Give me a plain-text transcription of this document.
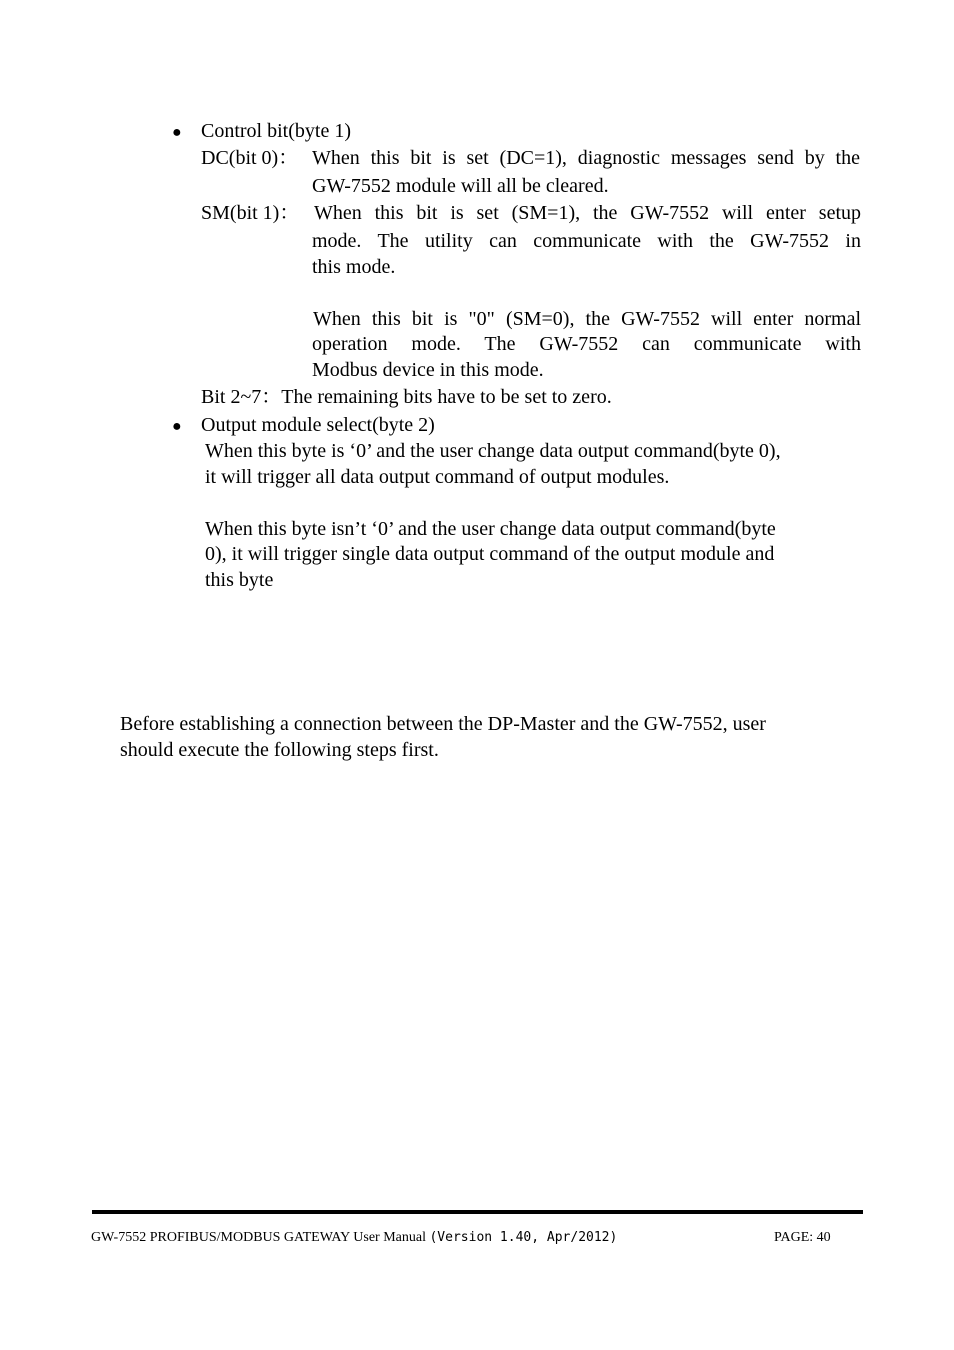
● Control bit(byte 1)
DC(bit 0)： When this bit is set (DC=1), diagnostic messages send by the
GW-7552 module will all be cleared.
SM(bit 1)： When this bit is set (SM=1), the GW-7552 will enter setup
mode. The utility can communicate with the GW-7552 in
this mode.
When this bit is "0" (SM=0), the GW-7552 will enter normal
operation mode. The GW-7552 can communicate with
Modbus device in this mode.
Bit 2~7：The remaining bits have to be set to zero.
● Output module select(byte 2)
When this byte is ‘0’ and the user change data output command(byte 0),
it will trigger all data output command of output modules.
When this byte isn’t ‘0’ and the user change data output command(byte
0), it will trigger single data output command of the output module and
this byte
Before establishing a connection between the DP-Master and the GW-7552, user
should execute the following steps first.
GW-7552 PROFIBUS/MODBUS GATEWAY User Manual (Version 1.40, Apr/2012)	PAGE: 40
